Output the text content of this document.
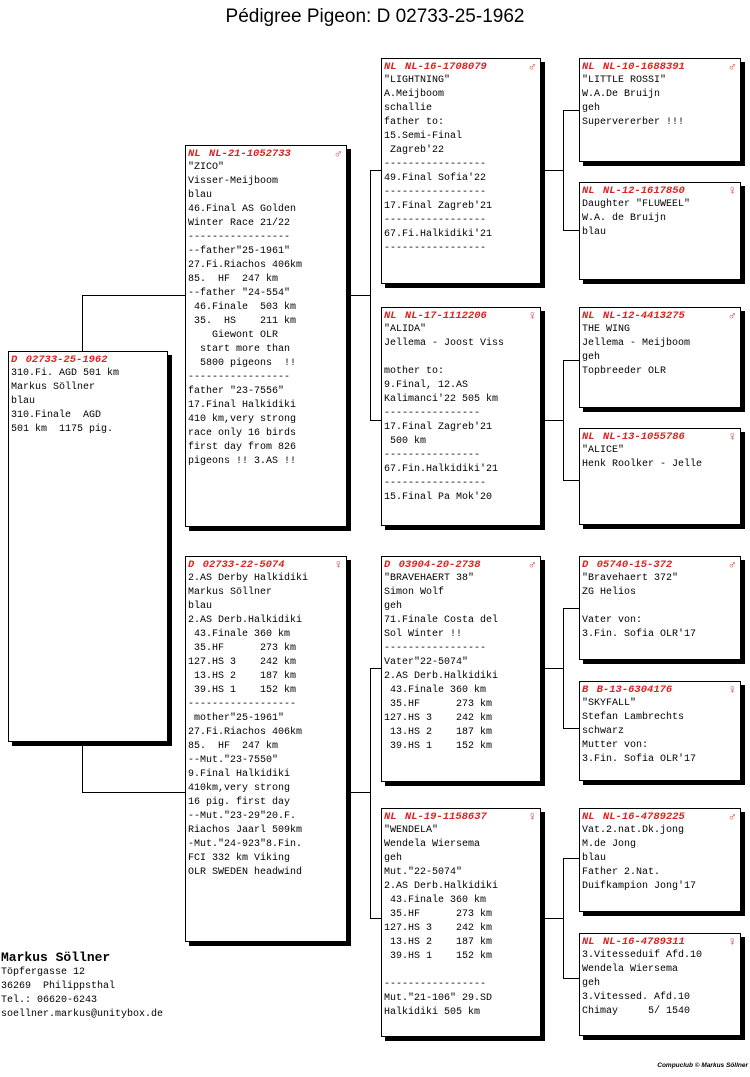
Pédigree Pigeon: D 02733-25-1962
D 02733-25-1962
310.Fi. AGD 501 km
Markus Söllner
blau
310.Finale  AGD
501 km  1175 pig.
NL NL-21-1052733	♂
"ZICO"
Visser-Meijboom
blau
46.Final AS Golden
Winter Race 21/22
-----------------
--father"25-1961"
27.Fi.Riachos 406km
85.  HF  247 km
--father "24-554"
46.Finale  503 km
35.  HS    211 km
Giewont OLR
start more than
5800 pigeons  !!
-----------------
father "23-7556"
17.Final Halkidiki
410 km,very strong
race only 16 birds
first day from 826
pigeons !! 3.AS !!
D 02733-22-5074	♀
2.AS Derby Halkidiki
Markus Söllner
blau
2.AS Derb.Halkidiki
43.Finale 360 km
35.HF      273 km
127.HS 3    242 km
13.HS 2    187 km
39.HS 1    152 km
------------------
mother"25-1961"
27.Fi.Riachos 406km
85.  HF  247 km
--Mut."23-7550"
9.Final Halkidiki
410km,very strong
16 pig. first day
--Mut."23-29"20.F.
Riachos Jaarl 509km
-Mut."24-923"8.Fin.
FCI 332 km Viking
OLR SWEDEN headwind
NL NL-16-1708079	♂
"LIGHTNING"
A.Meijboom
schallie
father to:
15.Semi-Final
Zagreb'22
-----------------
49.Final Sofia'22
-----------------
17.Final Zagreb'21
-----------------
67.Fi.Halkidiki'21
-----------------
NL NL-17-1112206	♀
"ALIDA"
Jellema - Joost Viss

mother to:
9.Final, 12.AS
Kalimanci'22 505 km
----------------
17.Final Zagreb'21
500 km
----------------
67.Fin.Halkidiki'21
-----------------
15.Final Pa Mok'20
D 03904-20-2738	♂
"BRAVEHAERT 38"
Simon Wolf
geh
71.Finale Costa del
Sol Winter !!
-----------------
Vater"22-5074"
2.AS Derb.Halkidiki
43.Finale 360 km
35.HF      273 km
127.HS 3    242 km
13.HS 2    187 km
39.HS 1    152 km
NL NL-19-1158637	♀
"WENDELA"
Wendela Wiersema
geh
Mut."22-5074"
2.AS Derb.Halkidiki
43.Finale 360 km
35.HF      273 km
127.HS 3    242 km
13.HS 2    187 km
39.HS 1    152 km

-----------------
Mut."21-106" 29.SD
Halkidiki 505 km
NL NL-10-1688391	♂
"LITTLE ROSSI"
W.A.De Bruijn
geh
Supervererber !!!
NL NL-12-1617850	♀
Daughter "FLUWEEL"
W.A. de Bruijn
blau
NL NL-12-4413275	♂
THE WING
Jellema - Meijboom
geh
Topbreeder OLR
NL NL-13-1055786	♀
"ALICE"
Henk Roolker - Jelle
D 05740-15-372	♂
"Bravehaert 372"
ZG Helios

Vater von:
3.Fin. Sofia OLR'17
B B-13-6304176	♀
"SKYFALL"
Stefan Lambrechts
schwarz
Mutter von:
3.Fin. Sofia OLR'17
NL NL-16-4789225	♂
Vat.2.nat.Dk.jong
M.de Jong
blau
Father 2.Nat.
Duifkampion Jong'17
NL NL-16-4789311	♀
3.Vitesseduif Afd.10
Wendela Wiersema
geh
3.Vitessed. Afd.10
Chimay     5/ 1540
Markus Söllner
Töpfergasse 12
36269  Philippsthal
Tel.: 06620-6243
soellner.markus@unitybox.de
Compuclub © Markus Söllner
